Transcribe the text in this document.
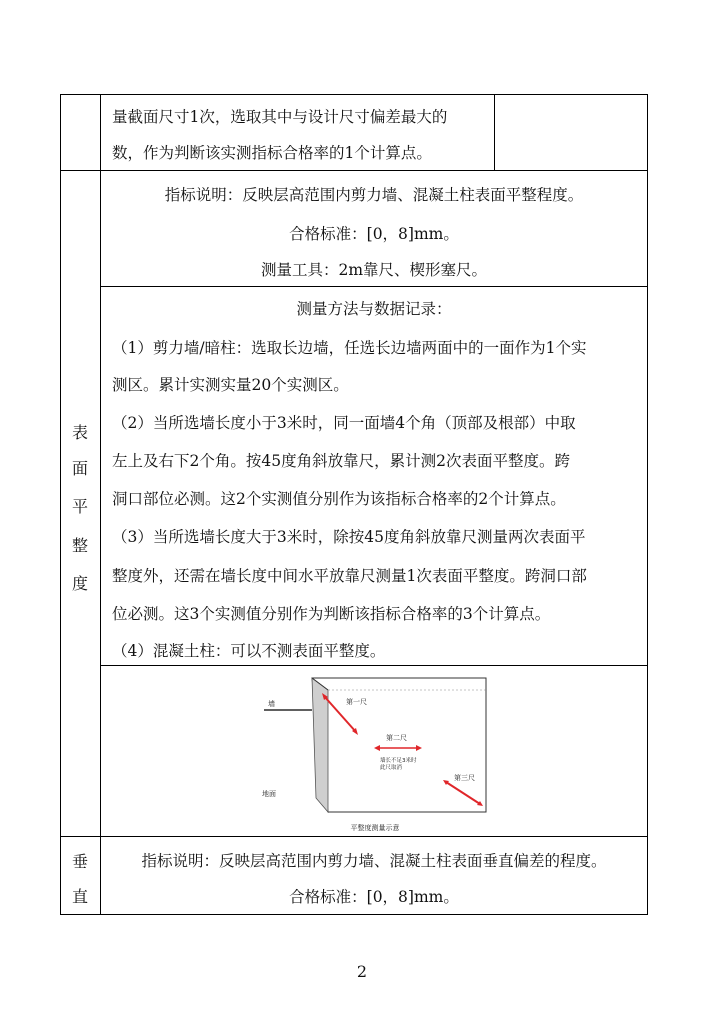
量截面尺寸1次，选取其中与设计尺寸偏差最大的
数，作为判断该实测指标合格率的1个计算点。
表
面
平
整
度
指标说明：反映层高范围内剪力墙、混凝土柱表面平整程度。
合格标准：[0，8]mm。
测量工具：2m靠尺、楔形塞尺。
测量方法与数据记录：
（1）剪力墙/暗柱：选取长边墙，任选长边墙两面中的一面作为1个实
测区。累计实测实量20个实测区。
（2）当所选墙长度小于3米时，同一面墙4个角（顶部及根部）中取
左上及右下2个角。按45度角斜放靠尺，累计测2次表面平整度。跨
洞口部位必测。这2个实测值分别作为该指标合格率的2个计算点。
（3）当所选墙长度大于3米时，除按45度角斜放靠尺测量两次表面平
整度外，还需在墙长度中间水平放靠尺测量1次表面平整度。跨洞口部
位必测。这3个实测值分别作为判断该指标合格率的3个计算点。
（4）混凝土柱：可以不测表面平整度。
墙
地面
第一尺
第二尺
墙长不足3米时
此尺取消
第三尺
平整度测量示意
垂
直
指标说明：反映层高范围内剪力墙、混凝土柱表面垂直偏差的程度。
合格标准：[0，8]mm。
2
